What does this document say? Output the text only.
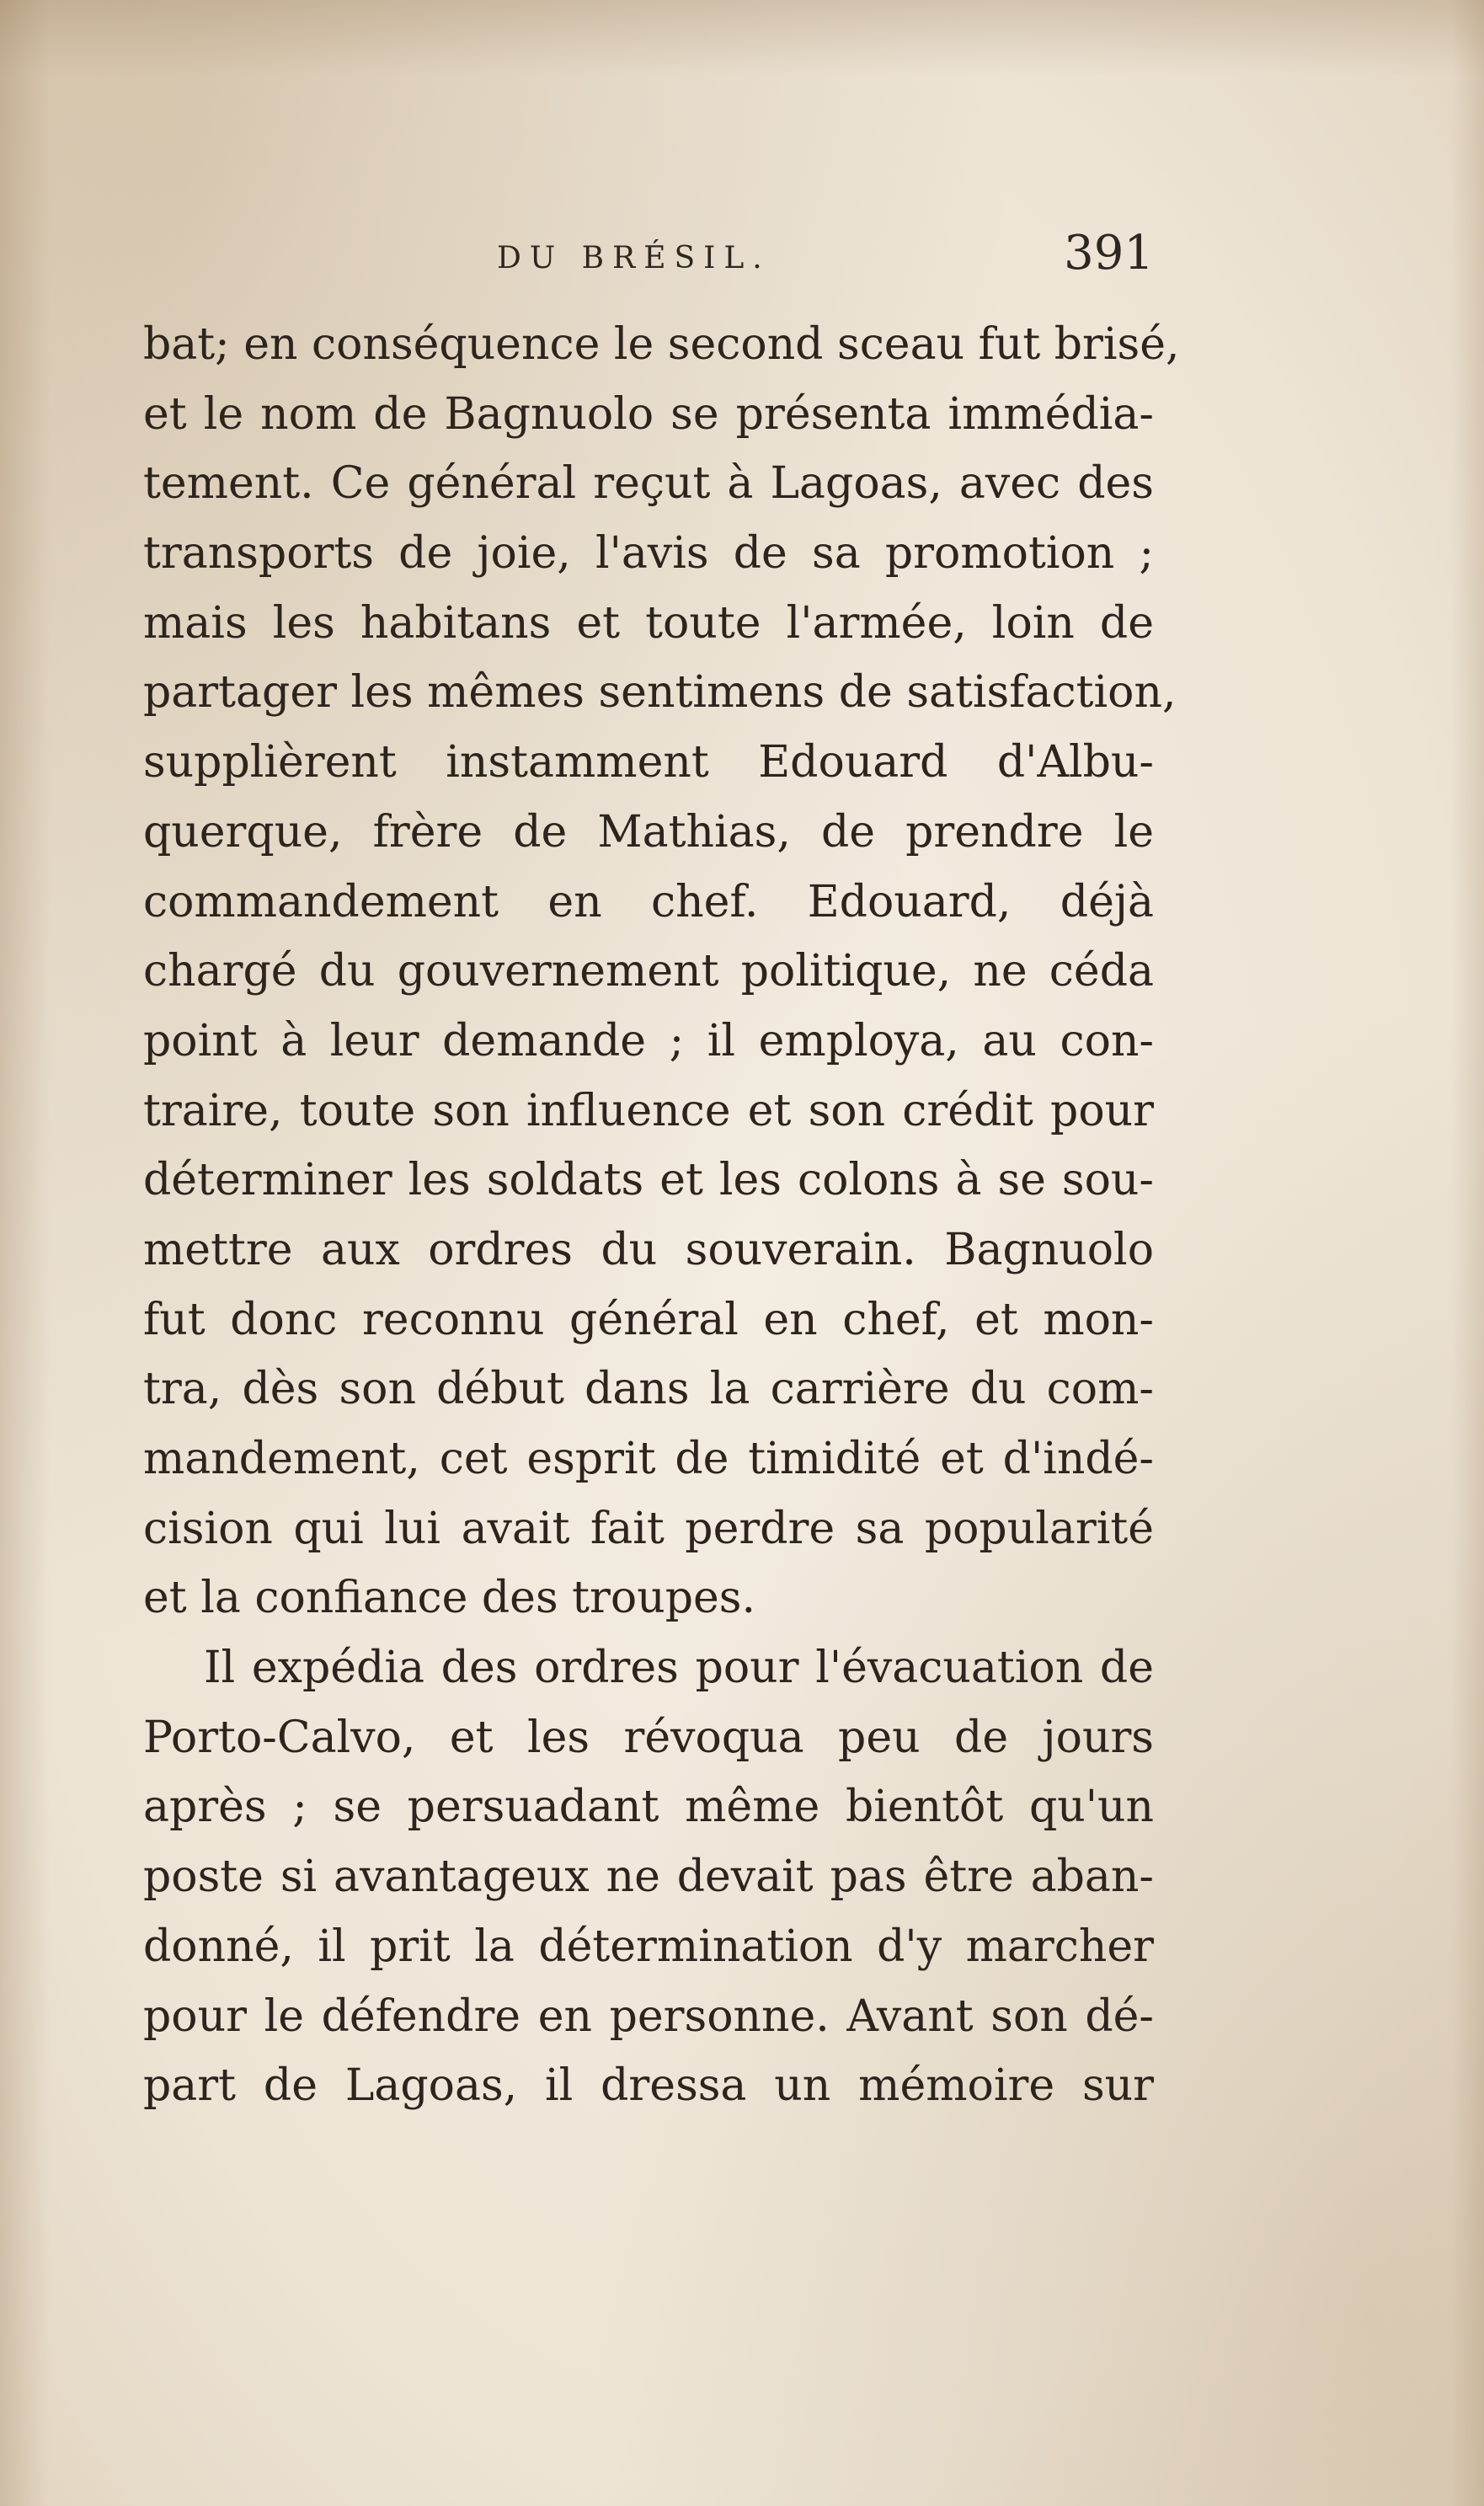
DU BRÉSIL.	391
bat; en conséquence le second sceau fut brisé,
et le nom de Bagnuolo se présenta immédia-
tement. Ce général reçut à Lagoas, avec des
transports de joie, l'avis de sa promotion ;
mais les habitans et toute l'armée, loin de
partager les mêmes sentimens de satisfaction,
supplièrent instamment Edouard d'Albu-
querque, frère de Mathias, de prendre le
commandement en chef. Edouard, déjà
chargé du gouvernement politique, ne céda
point à leur demande ; il employa, au con-
traire, toute son influence et son crédit pour
déterminer les soldats et les colons à se sou-
mettre aux ordres du souverain. Bagnuolo
fut donc reconnu général en chef, et mon-
tra, dès son début dans la carrière du com-
mandement, cet esprit de timidité et d'indé-
cision qui lui avait fait perdre sa popularité
et la confiance des troupes.
Il expédia des ordres pour l'évacuation de
Porto-Calvo, et les révoqua peu de jours
après ; se persuadant même bientôt qu'un
poste si avantageux ne devait pas être aban-
donné, il prit la détermination d'y marcher
pour le défendre en personne. Avant son dé-
part de Lagoas, il dressa un mémoire sur
